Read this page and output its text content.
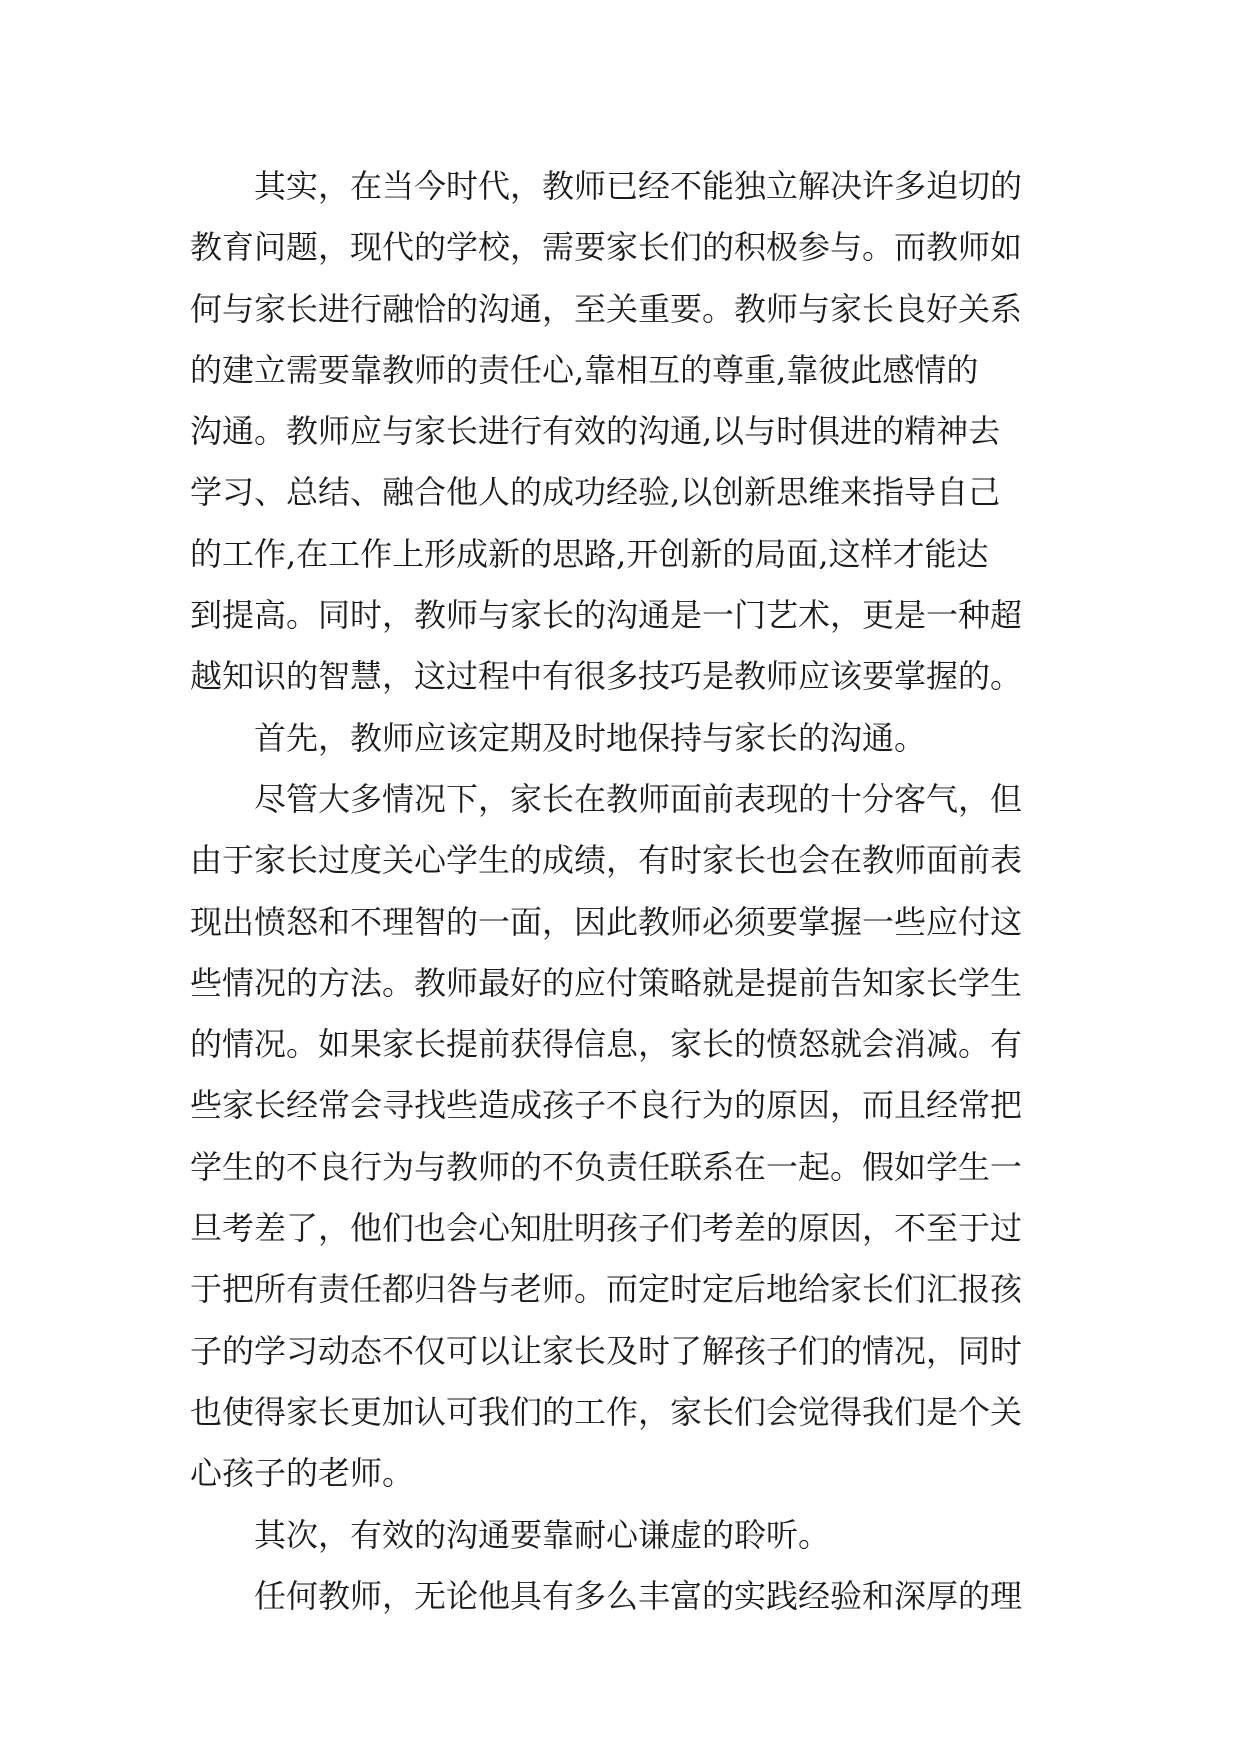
其实，在当今时代，教师已经不能独立解决许多迫切的
教育问题，现代的学校，需要家长们的积极参与。而教师如
何与家长进行融恰的沟通，至关重要。教师与家长良好关系
的建立需要靠教师的责任心,靠相互的尊重,靠彼此感情的
沟通。教师应与家长进行有效的沟通,以与时俱进的精神去
学习、总结、融合他人的成功经验,以创新思维来指导自己
的工作,在工作上形成新的思路,开创新的局面,这样才能达
到提高。同时，教师与家长的沟通是一门艺术，更是一种超
越知识的智慧，这过程中有很多技巧是教师应该要掌握的。
首先，教师应该定期及时地保持与家长的沟通。
尽管大多情况下，家长在教师面前表现的十分客气，但
由于家长过度关心学生的成绩，有时家长也会在教师面前表
现出愤怒和不理智的一面，因此教师必须要掌握一些应付这
些情况的方法。教师最好的应付策略就是提前告知家长学生
的情况。如果家长提前获得信息，家长的愤怒就会消减。有
些家长经常会寻找些造成孩子不良行为的原因，而且经常把
学生的不良行为与教师的不负责任联系在一起。假如学生一
旦考差了，他们也会心知肚明孩子们考差的原因，不至于过
于把所有责任都归咎与老师。而定时定后地给家长们汇报孩
子的学习动态不仅可以让家长及时了解孩子们的情况，同时
也使得家长更加认可我们的工作，家长们会觉得我们是个关
心孩子的老师。
其次，有效的沟通要靠耐心谦虚的聆听。
任何教师，无论他具有多么丰富的实践经验和深厚的理
